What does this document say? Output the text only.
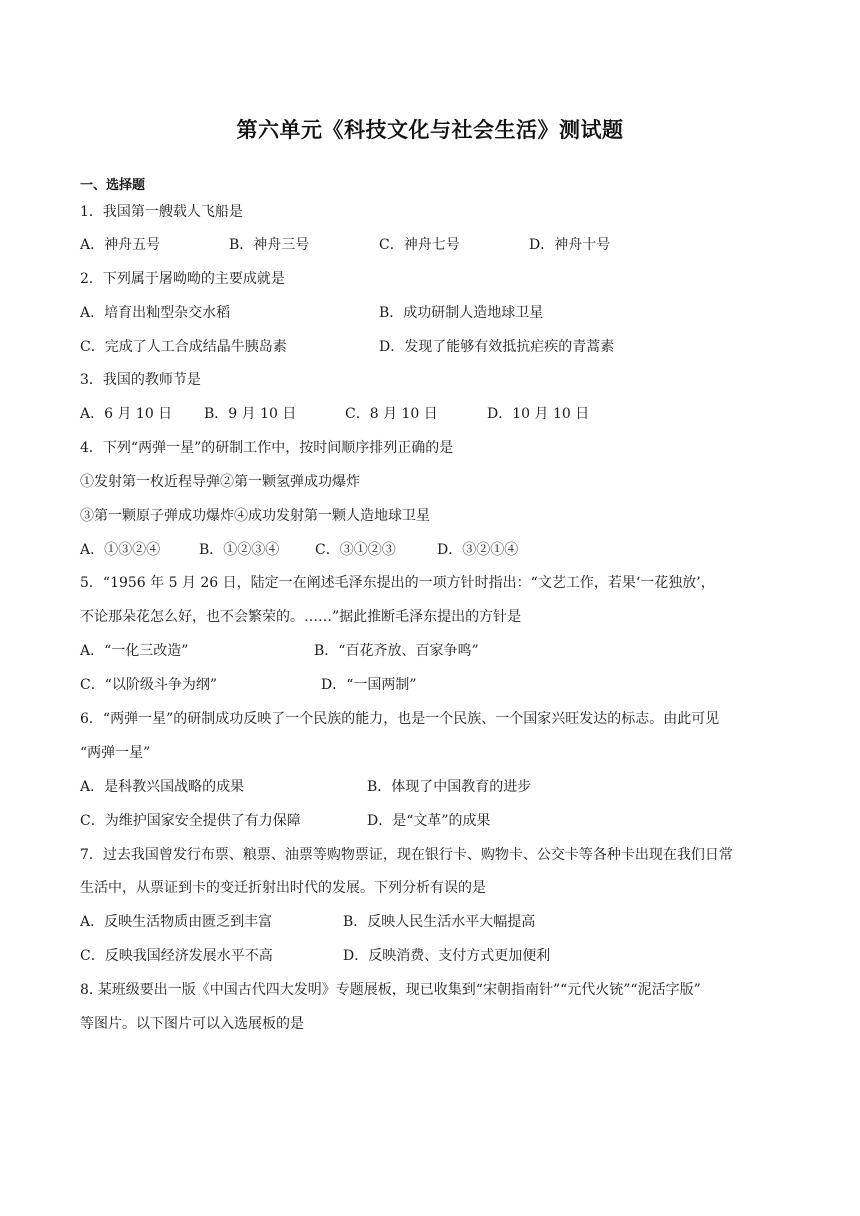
第六单元《科技文化与社会生活》测试题
一、选择题
1．我国第一艘载人飞船是
A．神舟五号	B．神舟三号	C．神舟七号	D．神舟十号
2．下列属于屠呦呦的主要成就是
A．培育出籼型杂交水稻	B．成功研制人造地球卫星
C．完成了人工合成结晶牛胰岛素	D．发现了能够有效抵抗疟疾的青蒿素
3．我国的教师节是
A．6 月 10 日 B．9 月 10 日	C．8 月 10 日	D．10 月 10 日
4．下列“两弹一星”的研制工作中，按时间顺序排列正确的是
①发射第一枚近程导弹②第一颗氢弹成功爆炸
③第一颗原子弹成功爆炸④成功发射第一颗人造地球卫星
A．①③②④	B．①②③④	C．③①②③	D．③②①④
5．“1956 年 5 月 26 日，陆定一在阐述毛泽东提出的一项方针时指出：“文艺工作，若果‘一花独放’，
不论那朵花怎么好，也不会繁荣的。……”据此推断毛泽东提出的方针是
A．“一化三改造”	B．“百花齐放、百家争鸣”
C．“以阶级斗争为纲”	D．“一国两制”
6．“两弹一星”的研制成功反映了一个民族的能力，也是一个民族、一个国家兴旺发达的标志。由此可见
“两弹一星”
A．是科教兴国战略的成果	B．体现了中国教育的进步
C．为维护国家安全提供了有力保障	D．是“文革”的成果
7．过去我国曾发行布票、粮票、油票等购物票证，现在银行卡、购物卡、公交卡等各种卡出现在我们日常
生活中，从票证到卡的变迁折射出时代的发展。下列分析有误的是
A．反映生活物质由匮乏到丰富	B．反映人民生活水平大幅提高
C．反映我国经济发展水平不高	D．反映消费、支付方式更加便利
8. 某班级要出一版《中国古代四大发明》专题展板，现已收集到“宋朝指南针”“元代火铳”“泥活字版”
等图片。以下图片可以入选展板的是
